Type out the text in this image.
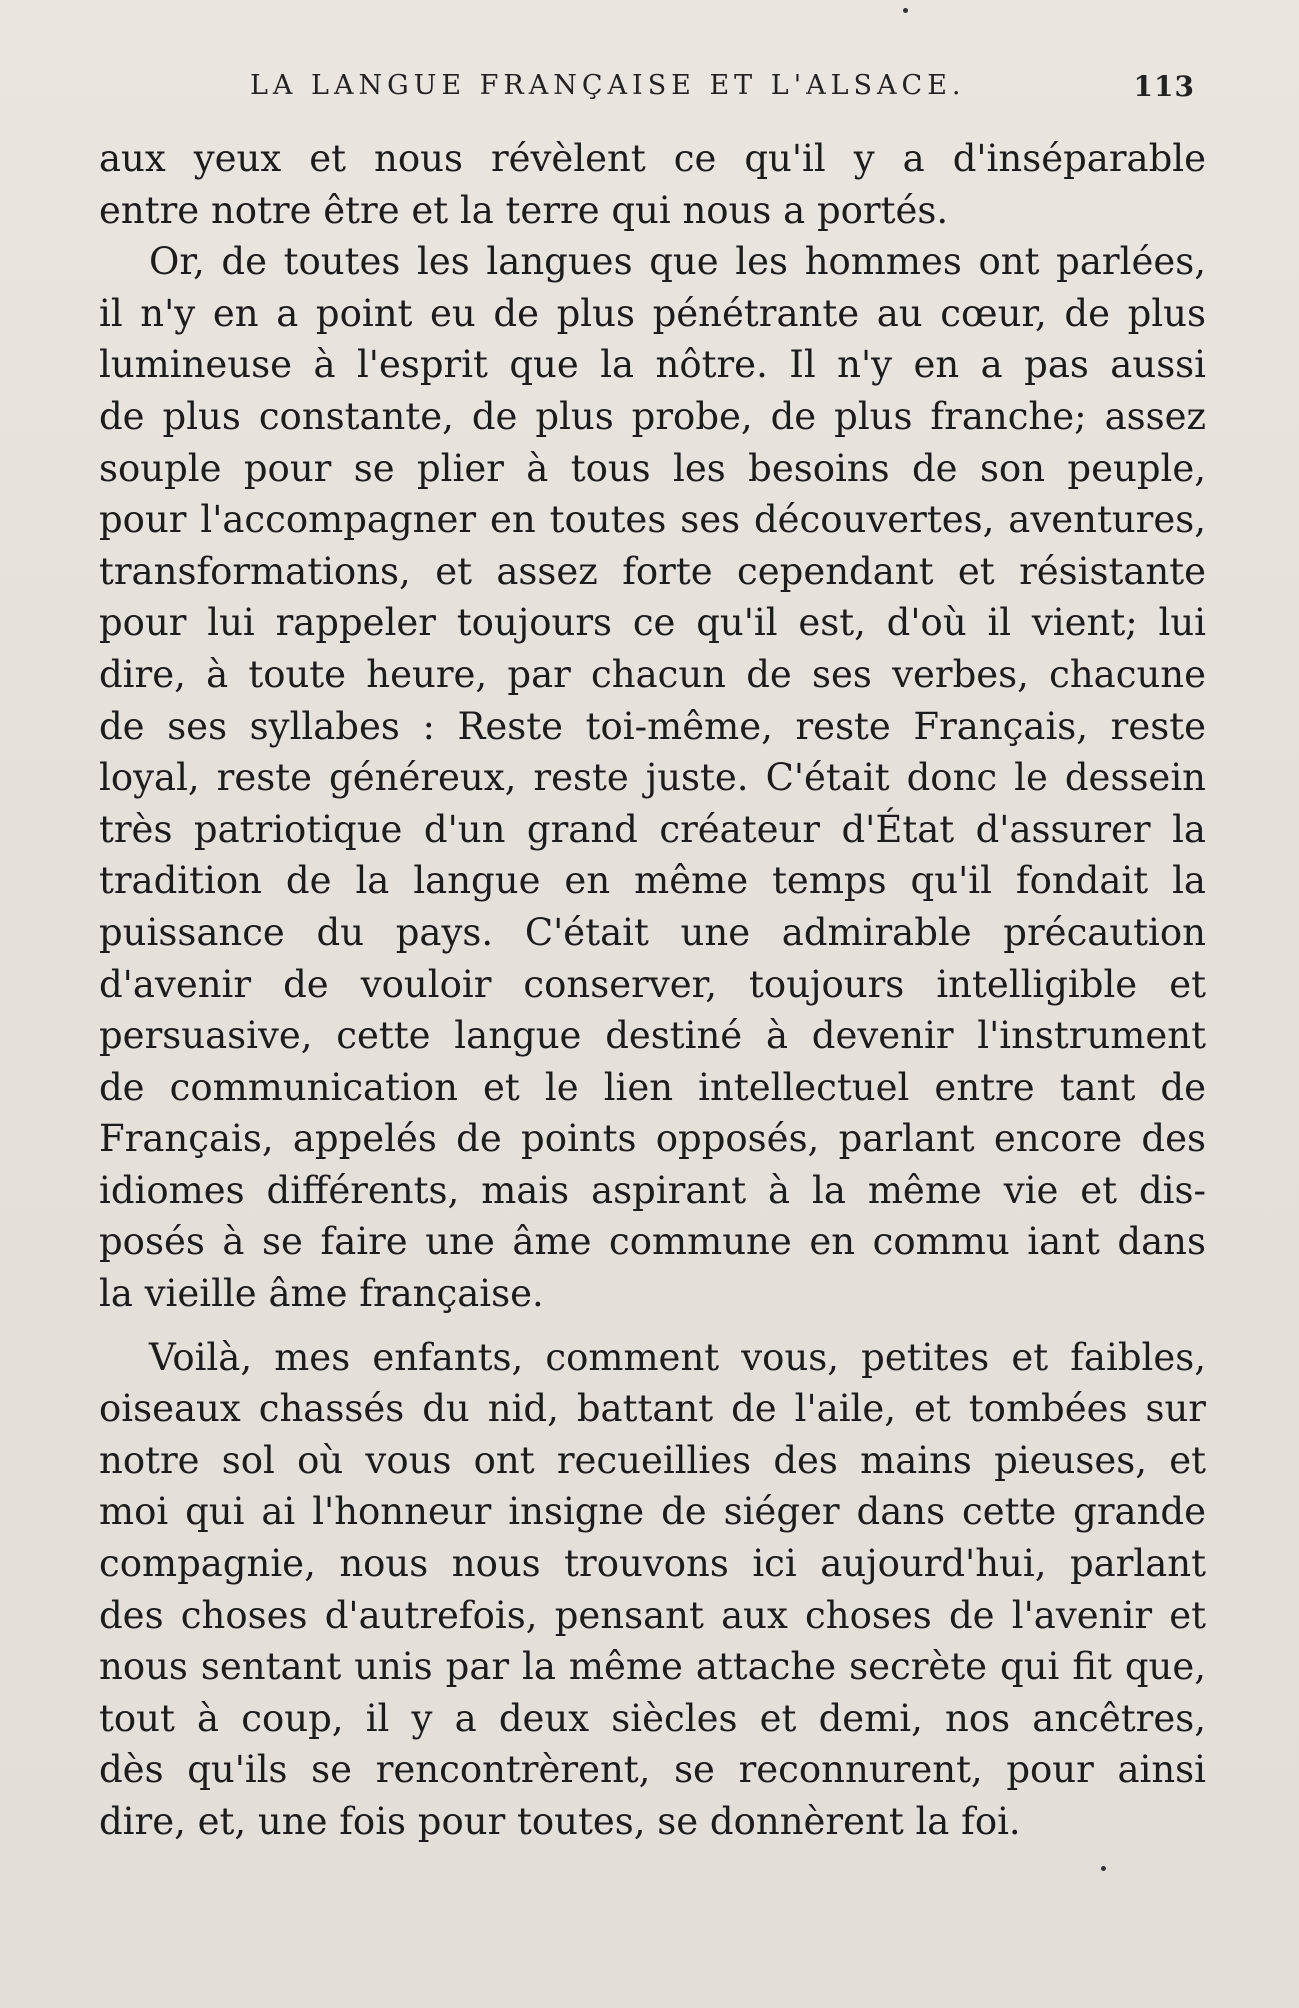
LA LANGUE FRANÇAISE ET L'ALSACE.	113

aux yeux et nous révèlent ce qu'il y a d'inséparable
entre notre être et la terre qui nous a portés.

Or, de toutes les langues que les hommes ont parlées,
il n'y en a point eu de plus pénétrante au cœur, de plus
lumineuse à l'esprit que la nôtre. Il n'y en a pas aussi
de plus constante, de plus probe, de plus franche; assez
souple pour se plier à tous les besoins de son peuple,
pour l'accompagner en toutes ses découvertes, aventures,
transformations, et assez forte cependant et résistante
pour lui rappeler toujours ce qu'il est, d'où il vient; lui
dire, à toute heure, par chacun de ses verbes, chacune
de ses syllabes : Reste toi-même, reste Français, reste
loyal, reste généreux, reste juste. C'était donc le dessein
très patriotique d'un grand créateur d'État d'assurer la
tradition de la langue en même temps qu'il fondait la
puissance du pays. C'était une admirable précaution
d'avenir de vouloir conserver, toujours intelligible et
persuasive, cette langue destiné à devenir l'instrument
de communication et le lien intellectuel entre tant de
Français, appelés de points opposés, parlant encore des
idiomes différents, mais aspirant à la même vie et dis-
posés à se faire une âme commune en commu iant dans
la vieille âme française.

Voilà, mes enfants, comment vous, petites et faibles,
oiseaux chassés du nid, battant de l'aile, et tombées sur
notre sol où vous ont recueillies des mains pieuses, et
moi qui ai l'honneur insigne de siéger dans cette grande
compagnie, nous nous trouvons ici aujourd'hui, parlant
des choses d'autrefois, pensant aux choses de l'avenir et
nous sentant unis par la même attache secrète qui fit que,
tout à coup, il y a deux siècles et demi, nos ancêtres,
dès qu'ils se rencontrèrent, se reconnurent, pour ainsi
dire, et, une fois pour toutes, se donnèrent la foi.
